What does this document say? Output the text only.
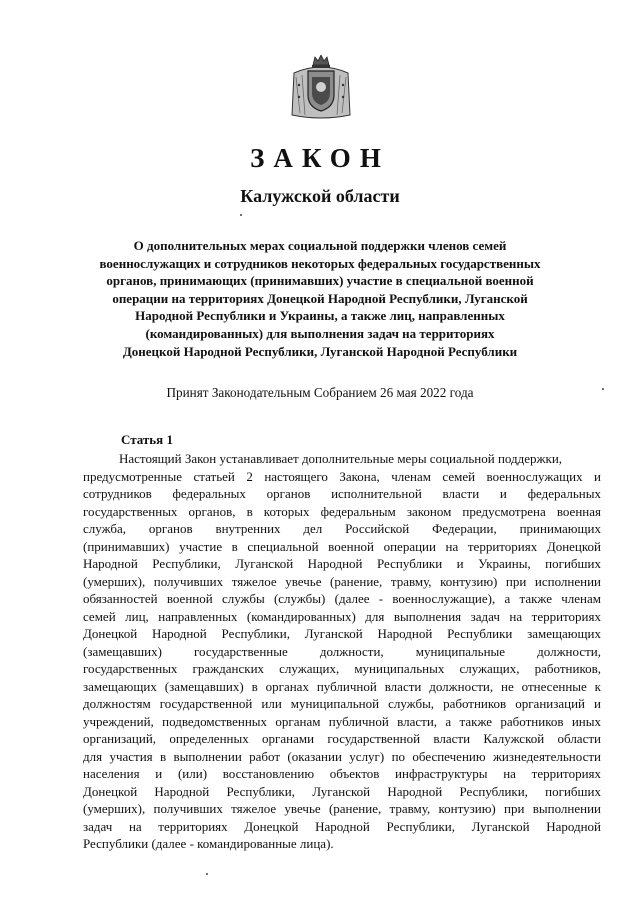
ЗАКОН
Калужской области
О дополнительных мерах социальной поддержки членов семей
военнослужащих и сотрудников некоторых федеральных государственных
органов, принимающих (принимавших) участие в специальной военной
операции на территориях Донецкой Народной Республики, Луганской
Народной Республики и Украины, а также лиц, направленных
(командированных) для выполнения задач на территориях
Донецкой Народной Республики, Луганской Народной Республики
Принят Законодательным Собранием 26 мая 2022 года
Статья 1
Настоящий Закон устанавливает дополнительные меры социальной поддержки,
предусмотренные статьей 2 настоящего Закона, членам семей военнослужащих и
сотрудников федеральных органов исполнительной власти и федеральных
государственных органов, в которых федеральным законом предусмотрена военная
служба, органов внутренних дел Российской Федерации, принимающих
(принимавших) участие в специальной военной операции на территориях Донецкой
Народной Республики, Луганской Народной Республики и Украины, погибших
(умерших), получивших тяжелое увечье (ранение, травму, контузию) при исполнении
обязанностей военной службы (службы) (далее - военнослужащие), а также членам
семей лиц, направленных (командированных) для выполнения задач на территориях
Донецкой Народной Республики, Луганской Народной Республики замещающих
(замещавших) государственные должности, муниципальные должности,
государственных гражданских служащих, муниципальных служащих, работников,
замещающих (замещавших) в органах публичной власти должности, не отнесенные к
должностям государственной или муниципальной службы, работников организаций и
учреждений, подведомственных органам публичной власти, а также работников иных
организаций, определенных органами государственной власти Калужской области
для участия в выполнении работ (оказании услуг) по обеспечению жизнедеятельности
населения и (или) восстановлению объектов инфраструктуры на территориях
Донецкой Народной Республики, Луганской Народной Республики, погибших
(умерших), получивших тяжелое увечье (ранение, травму, контузию) при выполнении
задач на территориях Донецкой Народной Республики, Луганской Народной
Республики (далее - командированные лица).
